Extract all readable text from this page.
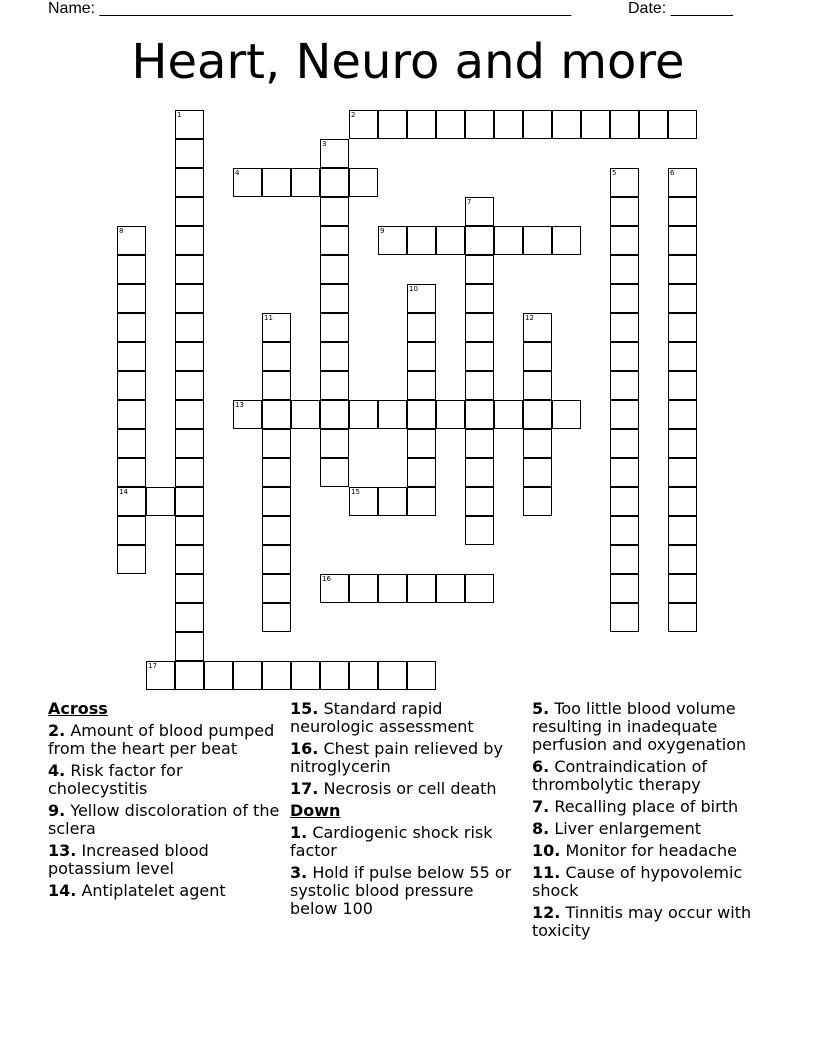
Name: _____________________________________________________	Date: _______
Heart, Neuro and more
1	2
3
4	5	6
7
8
14
9
10
11	12
13
15
16
17
Across
2. Amount of blood pumped from the heart per beat
4. Risk factor for cholecystitis
9. Yellow discoloration of the sclera
13. Increased blood potassium level
14. Antiplatelet agent
15. Standard rapid neurologic assessment
16. Chest pain relieved by nitroglycerin
17. Necrosis or cell death
Down
1. Cardiogenic shock risk factor
3. Hold if pulse below 55 or systolic blood pressure below 100
5. Too little blood volume resulting in inadequate perfusion and oxygenation
6. Contraindication of thrombolytic therapy
7. Recalling place of birth
8. Liver enlargement
10. Monitor for headache
11. Cause of hypovolemic shock
12. Tinnitis may occur with toxicity
